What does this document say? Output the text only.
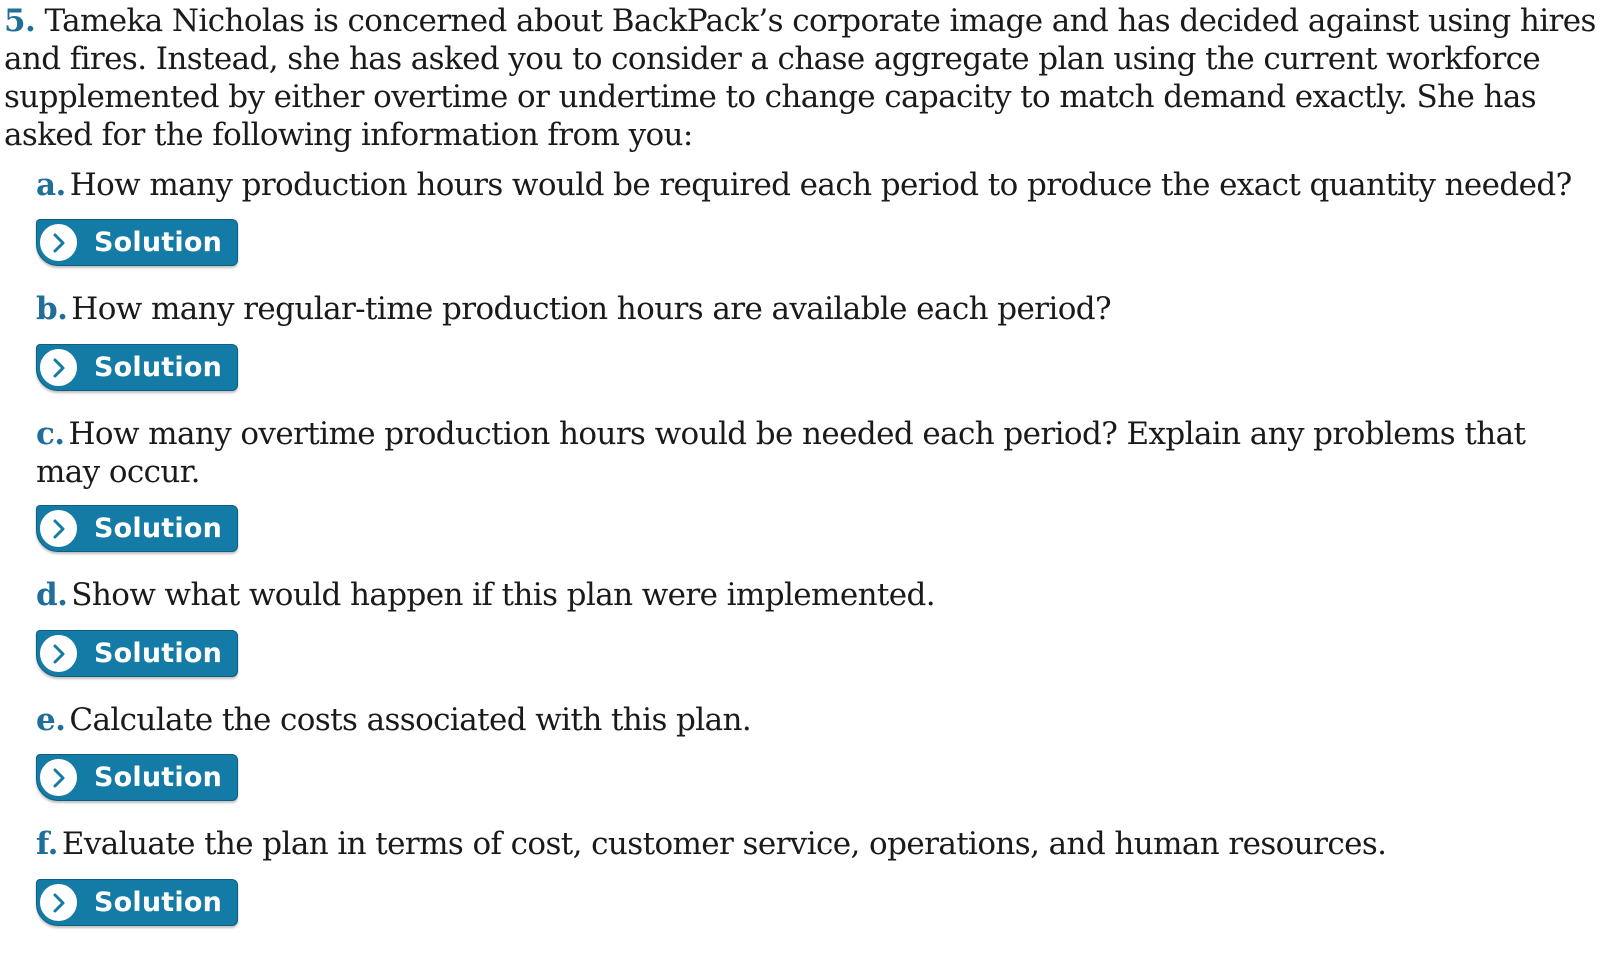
5. Tameka Nicholas is concerned about BackPack’s corporate image and has decided against using hires and fires. Instead, she has asked you to consider a chase aggregate plan using the current workforce supplemented by either overtime or undertime to change capacity to match demand exactly. She has asked for the following information from you:
a. How many production hours would be required each period to produce the exact quantity needed?
Solution
b. How many regular-time production hours are available each period?
Solution
c. How many overtime production hours would be needed each period? Explain any problems that may occur.
Solution
d. Show what would happen if this plan were implemented.
Solution
e. Calculate the costs associated with this plan.
Solution
f. Evaluate the plan in terms of cost, customer service, operations, and human resources.
Solution
